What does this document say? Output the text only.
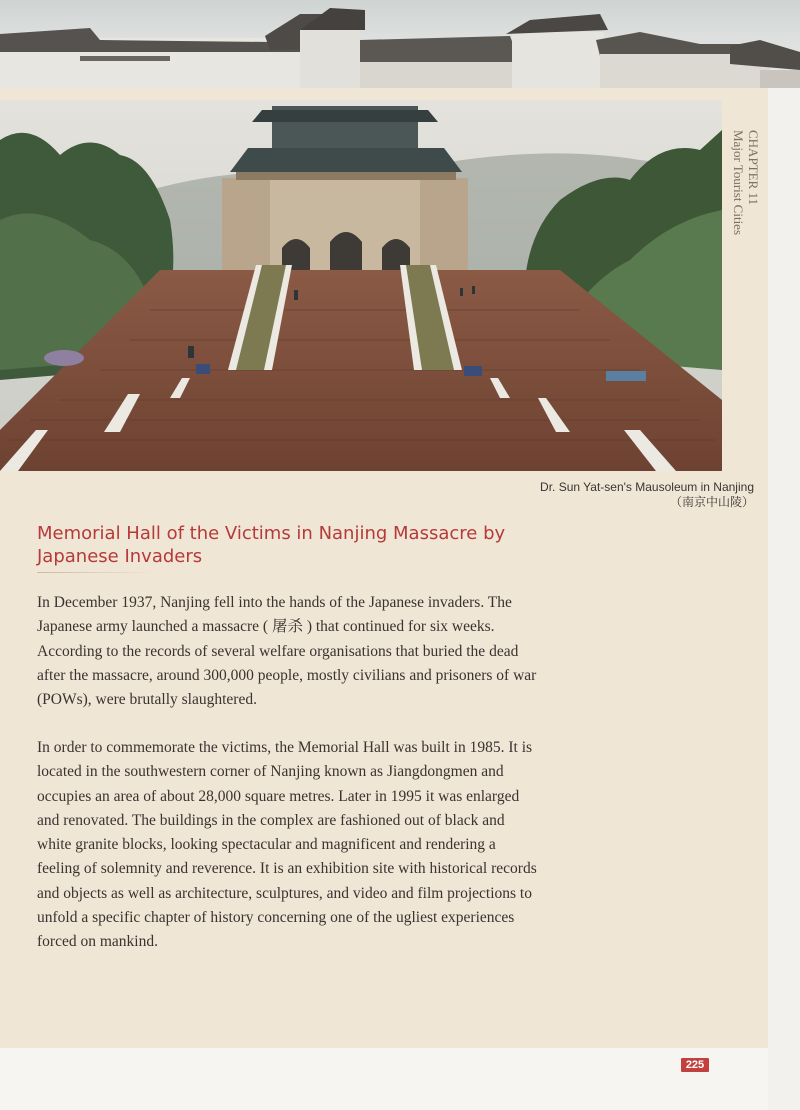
CHAPTER 11
Major Tourist Cities
Dr. Sun Yat-sen's Mausoleum in Nanjing
（南京中山陵）
Memorial Hall of the Victims in Nanjing Massacre by Japanese Invaders

In December 1937, Nanjing fell into the hands of the Japanese invaders. The Japanese army launched a massacre ( 屠杀 ) that continued for six weeks. According to the records of several welfare organisations that buried the dead after the massacre, around 300,000 people, mostly civilians and prisoners of war (POWs), were brutally slaughtered.

In order to commemorate the victims, the Memorial Hall was built in 1985. It is located in the southwestern corner of Nanjing known as Jiangdongmen and occupies an area of about 28,000 square metres. Later in 1995 it was enlarged and renovated. The buildings in the complex are fashioned out of black and white granite blocks, looking spectacular and magnificent and rendering a feeling of solemnity and reverence. It is an exhibition site with historical records and objects as well as architecture, sculptures, and video and film projections to unfold a specific chapter of history concerning one of the ugliest experiences forced on mankind.

225
